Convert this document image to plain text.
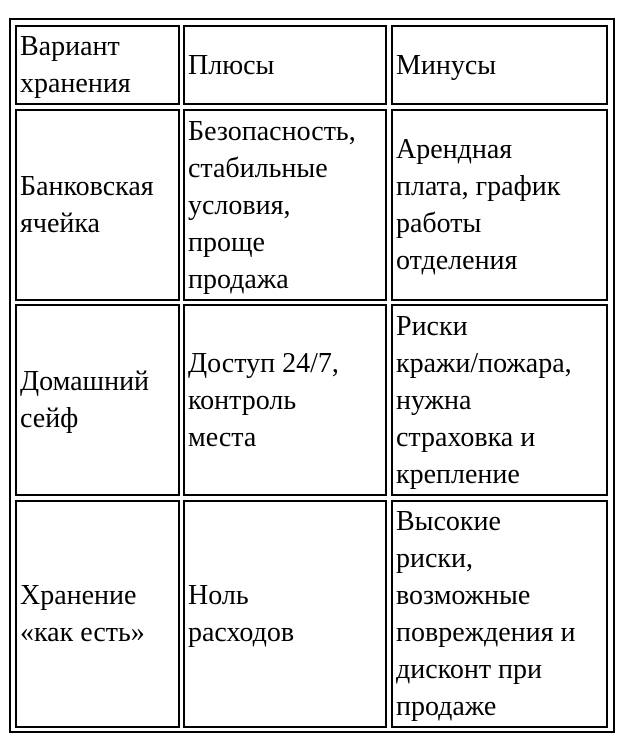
Вариант
хранения
Плюсы	Минусы
Банковская
ячейка
Безопасность,
стабильные
условия,
проще
продажа
Арендная
плата, график
работы
отделения
Домашний
сейф
Доступ 24/7,
контроль
места
Риски
кражи/пожара,
нужна
страховка и
крепление
Хранение
«как есть»
Ноль
расходов
Высокие
риски,
возможные
повреждения и
дисконт при
продаже
